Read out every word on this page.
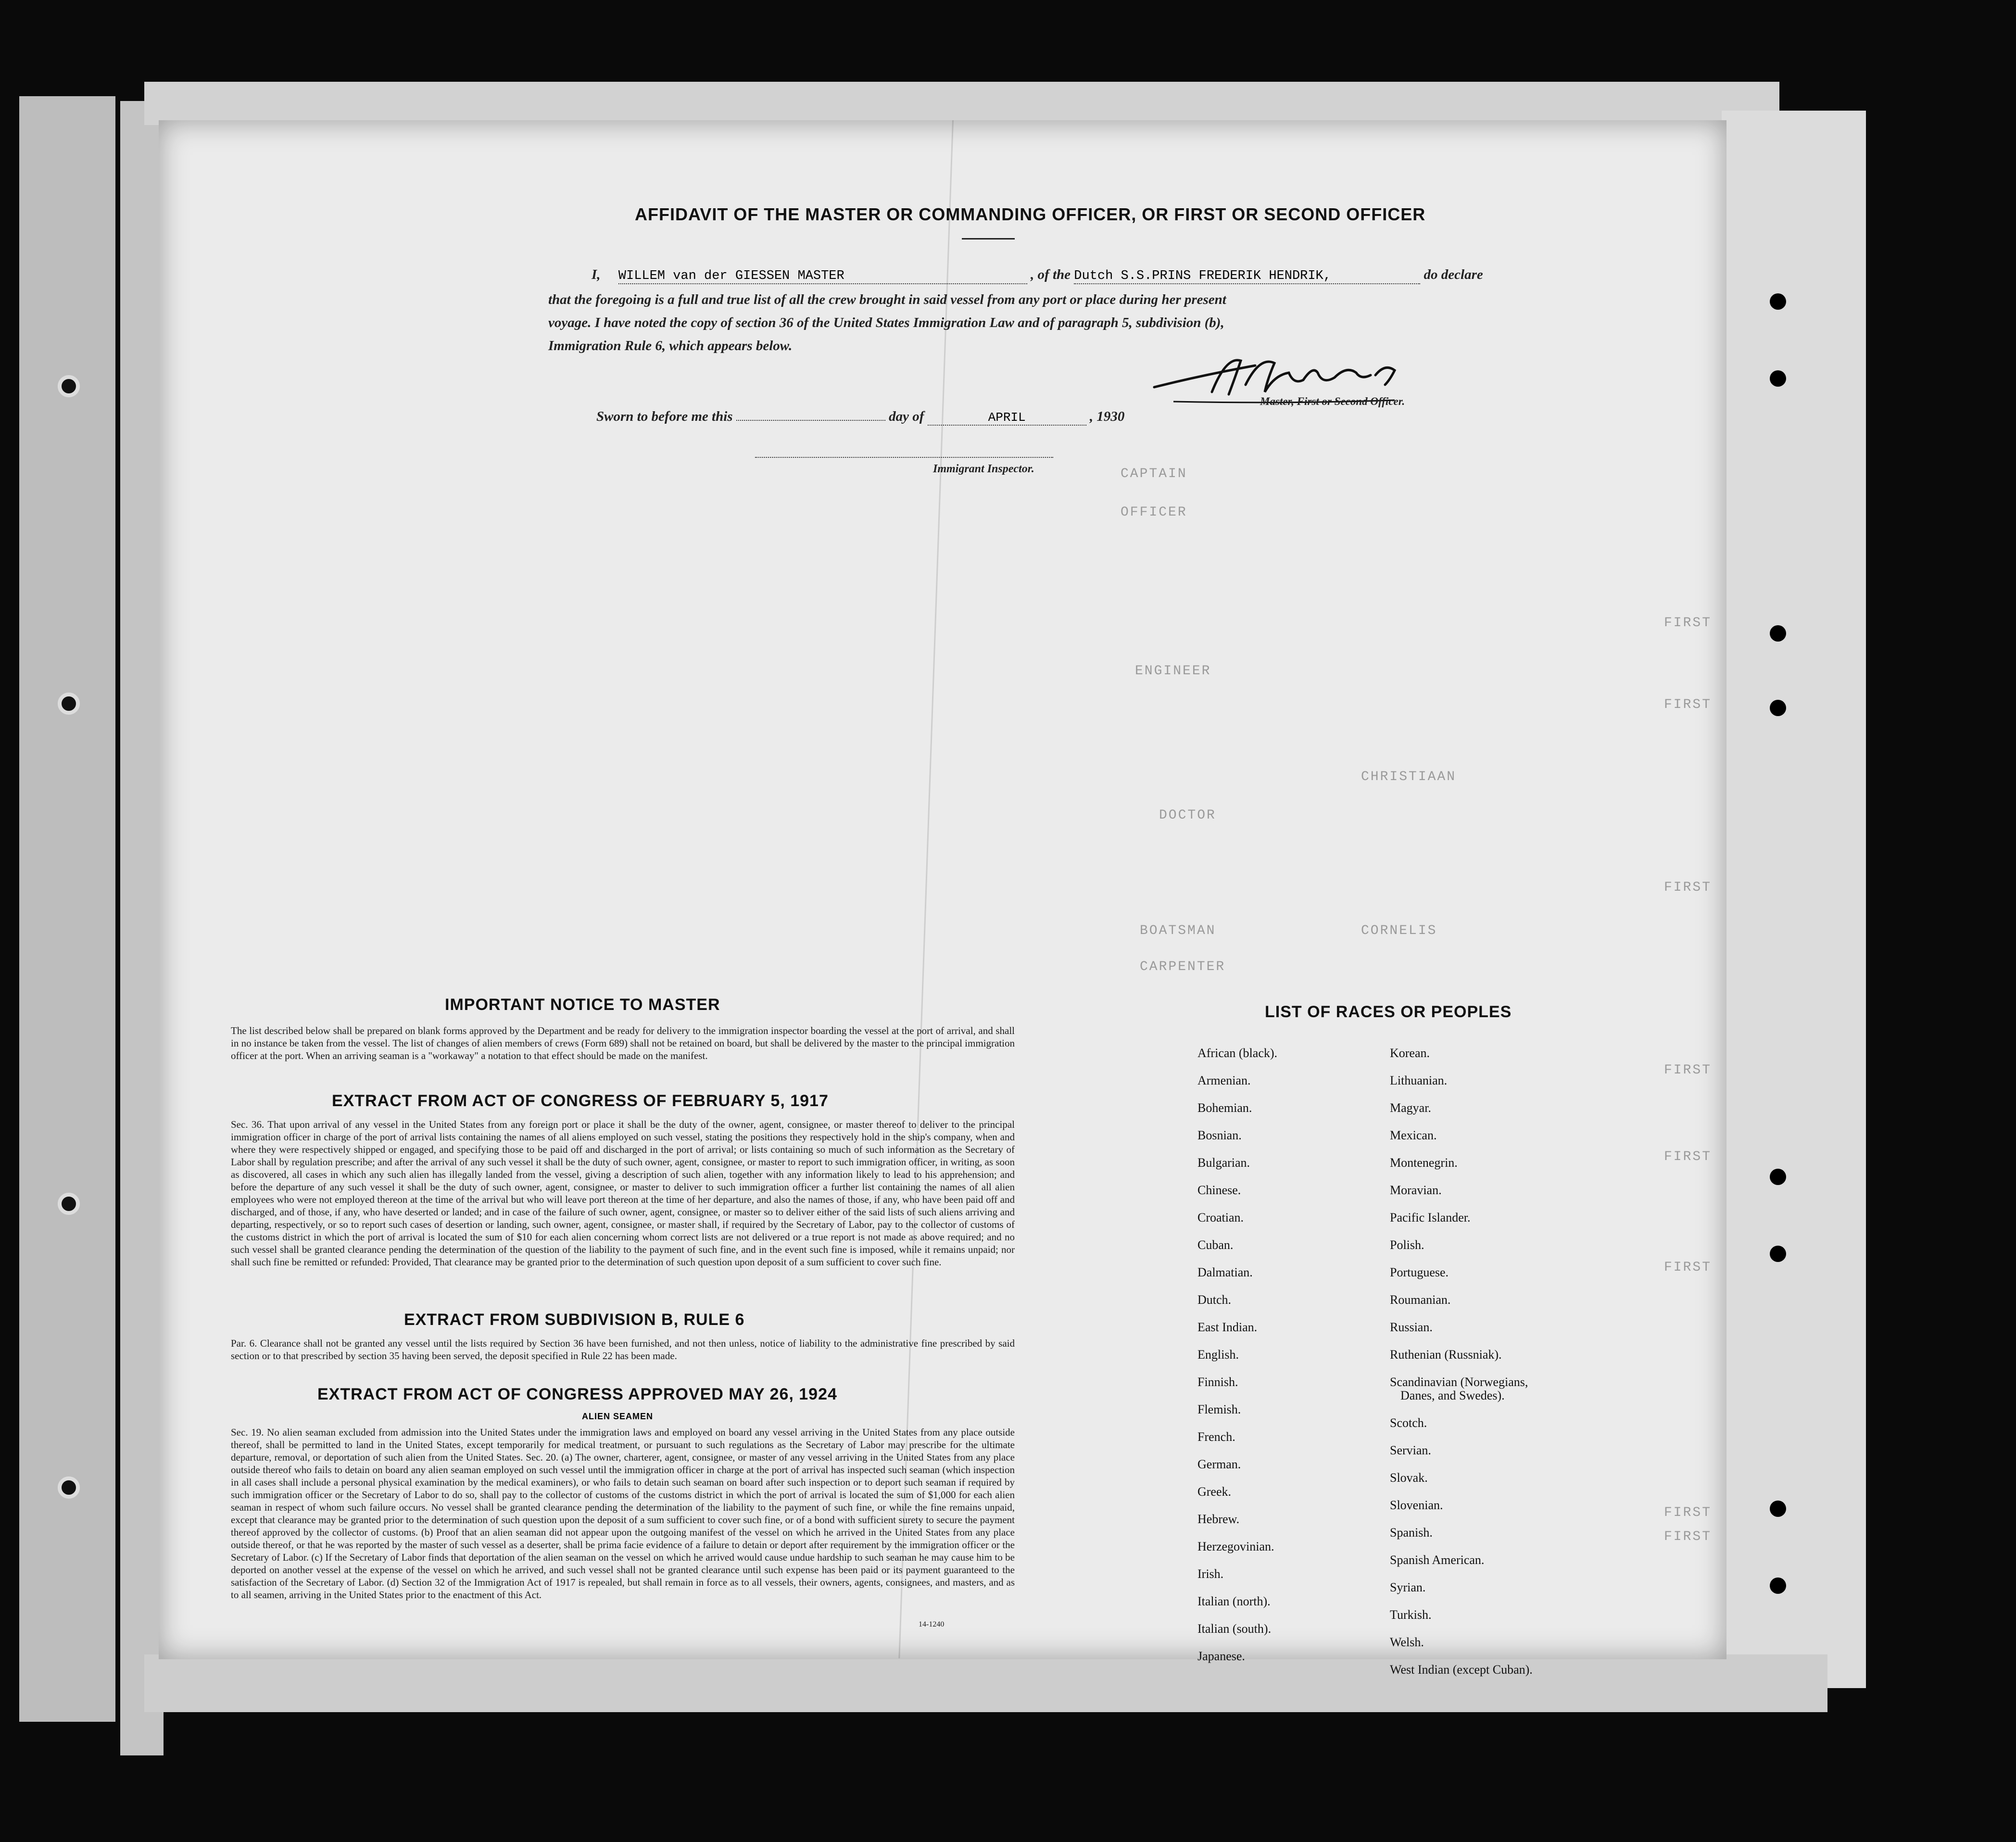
CAPTAIN
OFFICER
ENGINEER
DOCTOR
BOATSMAN
CARPENTER
CHRISTIAAN
CORNELIS
FIRST
FIRST
FIRST
FIRST
FIRST
FIRST
FIRST
FIRST
AFFIDAVIT OF THE MASTER OR COMMANDING OFFICER, OR FIRST OR SECOND OFFICER
I, WILLEM van der GIESSEN MASTER	, of the Dutch S.S.PRINS FREDERIK HENDRIK,	do declare
that the foregoing is a full and true list of all the crew brought in said vessel from any port or place during her present
voyage. I have noted the copy of section 36 of the United States Immigration Law and of paragraph 5, subdivision (b),
Immigration Rule 6, which appears below.
Master, First or Second Officer.
Sworn to before me this	day of	APRIL	, 1930
Immigrant Inspector.
IMPORTANT NOTICE TO MASTER
The list described below shall be prepared on blank forms approved by the Department and be ready for delivery to the immigration inspector boarding the vessel at the port of arrival, and shall in no instance be taken from the vessel. The list of changes of alien members of crews (Form 689) shall not be retained on board, but shall be delivered by the master to the principal immigration officer at the port. When an arriving seaman is a "workaway" a notation to that effect should be made on the manifest.
EXTRACT FROM ACT OF CONGRESS OF FEBRUARY 5, 1917
Sec. 36. That upon arrival of any vessel in the United States from any foreign port or place it shall be the duty of the owner, agent, consignee, or master thereof to deliver to the principal immigration officer in charge of the port of arrival lists containing the names of all aliens employed on such vessel, stating the positions they respectively hold in the ship's company, when and where they were respectively shipped or engaged, and specifying those to be paid off and discharged in the port of arrival; or lists containing so much of such information as the Secretary of Labor shall by regulation prescribe; and after the arrival of any such vessel it shall be the duty of such owner, agent, consignee, or master to report to such immigration officer, in writing, as soon as discovered, all cases in which any such alien has illegally landed from the vessel, giving a description of such alien, together with any information likely to lead to his apprehension; and before the departure of any such vessel it shall be the duty of such owner, agent, consignee, or master to deliver to such immigration officer a further list containing the names of all alien employees who were not employed thereon at the time of the arrival but who will leave port thereon at the time of her departure, and also the names of those, if any, who have been paid off and discharged, and of those, if any, who have deserted or landed; and in case of the failure of such owner, agent, consignee, or master so to deliver either of the said lists of such aliens arriving and departing, respectively, or so to report such cases of desertion or landing, such owner, agent, consignee, or master shall, if required by the Secretary of Labor, pay to the collector of customs of the customs district in which the port of arrival is located the sum of $10 for each alien concerning whom correct lists are not delivered or a true report is not made as above required; and no such vessel shall be granted clearance pending the determination of the question of the liability to the payment of such fine, and in the event such fine is imposed, while it remains unpaid; nor shall such fine be remitted or refunded: Provided, That clearance may be granted prior to the determination of such question upon deposit of a sum sufficient to cover such fine.
EXTRACT FROM SUBDIVISION B, RULE 6
Par. 6. Clearance shall not be granted any vessel until the lists required by Section 36 have been furnished, and not then unless, notice of liability to the administrative fine prescribed by said section or to that prescribed by section 35 having been served, the deposit specified in Rule 22 has been made.
EXTRACT FROM ACT OF CONGRESS APPROVED MAY 26, 1924
ALIEN SEAMEN
Sec. 19. No alien seaman excluded from admission into the United States under the immigration laws and employed on board any vessel arriving in the United States from any place outside thereof, shall be permitted to land in the United States, except temporarily for medical treatment, or pursuant to such regulations as the Secretary of Labor may prescribe for the ultimate departure, removal, or deportation of such alien from the United States. Sec. 20. (a) The owner, charterer, agent, consignee, or master of any vessel arriving in the United States from any place outside thereof who fails to detain on board any alien seaman employed on such vessel until the immigration officer in charge at the port of arrival has inspected such seaman (which inspection in all cases shall include a personal physical examination by the medical examiners), or who fails to detain such seaman on board after such inspection or to deport such seaman if required by such immigration officer or the Secretary of Labor to do so, shall pay to the collector of customs of the customs district in which the port of arrival is located the sum of $1,000 for each alien seaman in respect of whom such failure occurs. No vessel shall be granted clearance pending the determination of the liability to the payment of such fine, or while the fine remains unpaid, except that clearance may be granted prior to the determination of such question upon the deposit of a sum sufficient to cover such fine, or of a bond with sufficient surety to secure the payment thereof approved by the collector of customs. (b) Proof that an alien seaman did not appear upon the outgoing manifest of the vessel on which he arrived in the United States from any place outside thereof, or that he was reported by the master of such vessel as a deserter, shall be prima facie evidence of a failure to detain or deport after requirement by the immigration officer or the Secretary of Labor. (c) If the Secretary of Labor finds that deportation of the alien seaman on the vessel on which he arrived would cause undue hardship to such seaman he may cause him to be deported on another vessel at the expense of the vessel on which he arrived, and such vessel shall not be granted clearance until such expense has been paid or its payment guaranteed to the satisfaction of the Secretary of Labor. (d) Section 32 of the Immigration Act of 1917 is repealed, but shall remain in force as to all vessels, their owners, agents, consignees, and masters, and as to all seamen, arriving in the United States prior to the enactment of this Act.
14-1240
LIST OF RACES OR PEOPLES
African (black).
Armenian.
Bohemian.
Bosnian.
Bulgarian.
Chinese.
Croatian.
Cuban.
Dalmatian.
Dutch.
East Indian.
English.
Finnish.
Flemish.
French.
German.
Greek.
Hebrew.
Herzegovinian.
Irish.
Italian (north).
Italian (south).
Japanese.
Korean.
Lithuanian.
Magyar.
Mexican.
Montenegrin.
Moravian.
Pacific Islander.
Polish.
Portuguese.
Roumanian.
Russian.
Ruthenian (Russniak).
Scandinavian (Norwegians,
Danes, and Swedes).
Scotch.
Servian.
Slovak.
Slovenian.
Spanish.
Spanish American.
Syrian.
Turkish.
Welsh.
West Indian (except Cuban).
